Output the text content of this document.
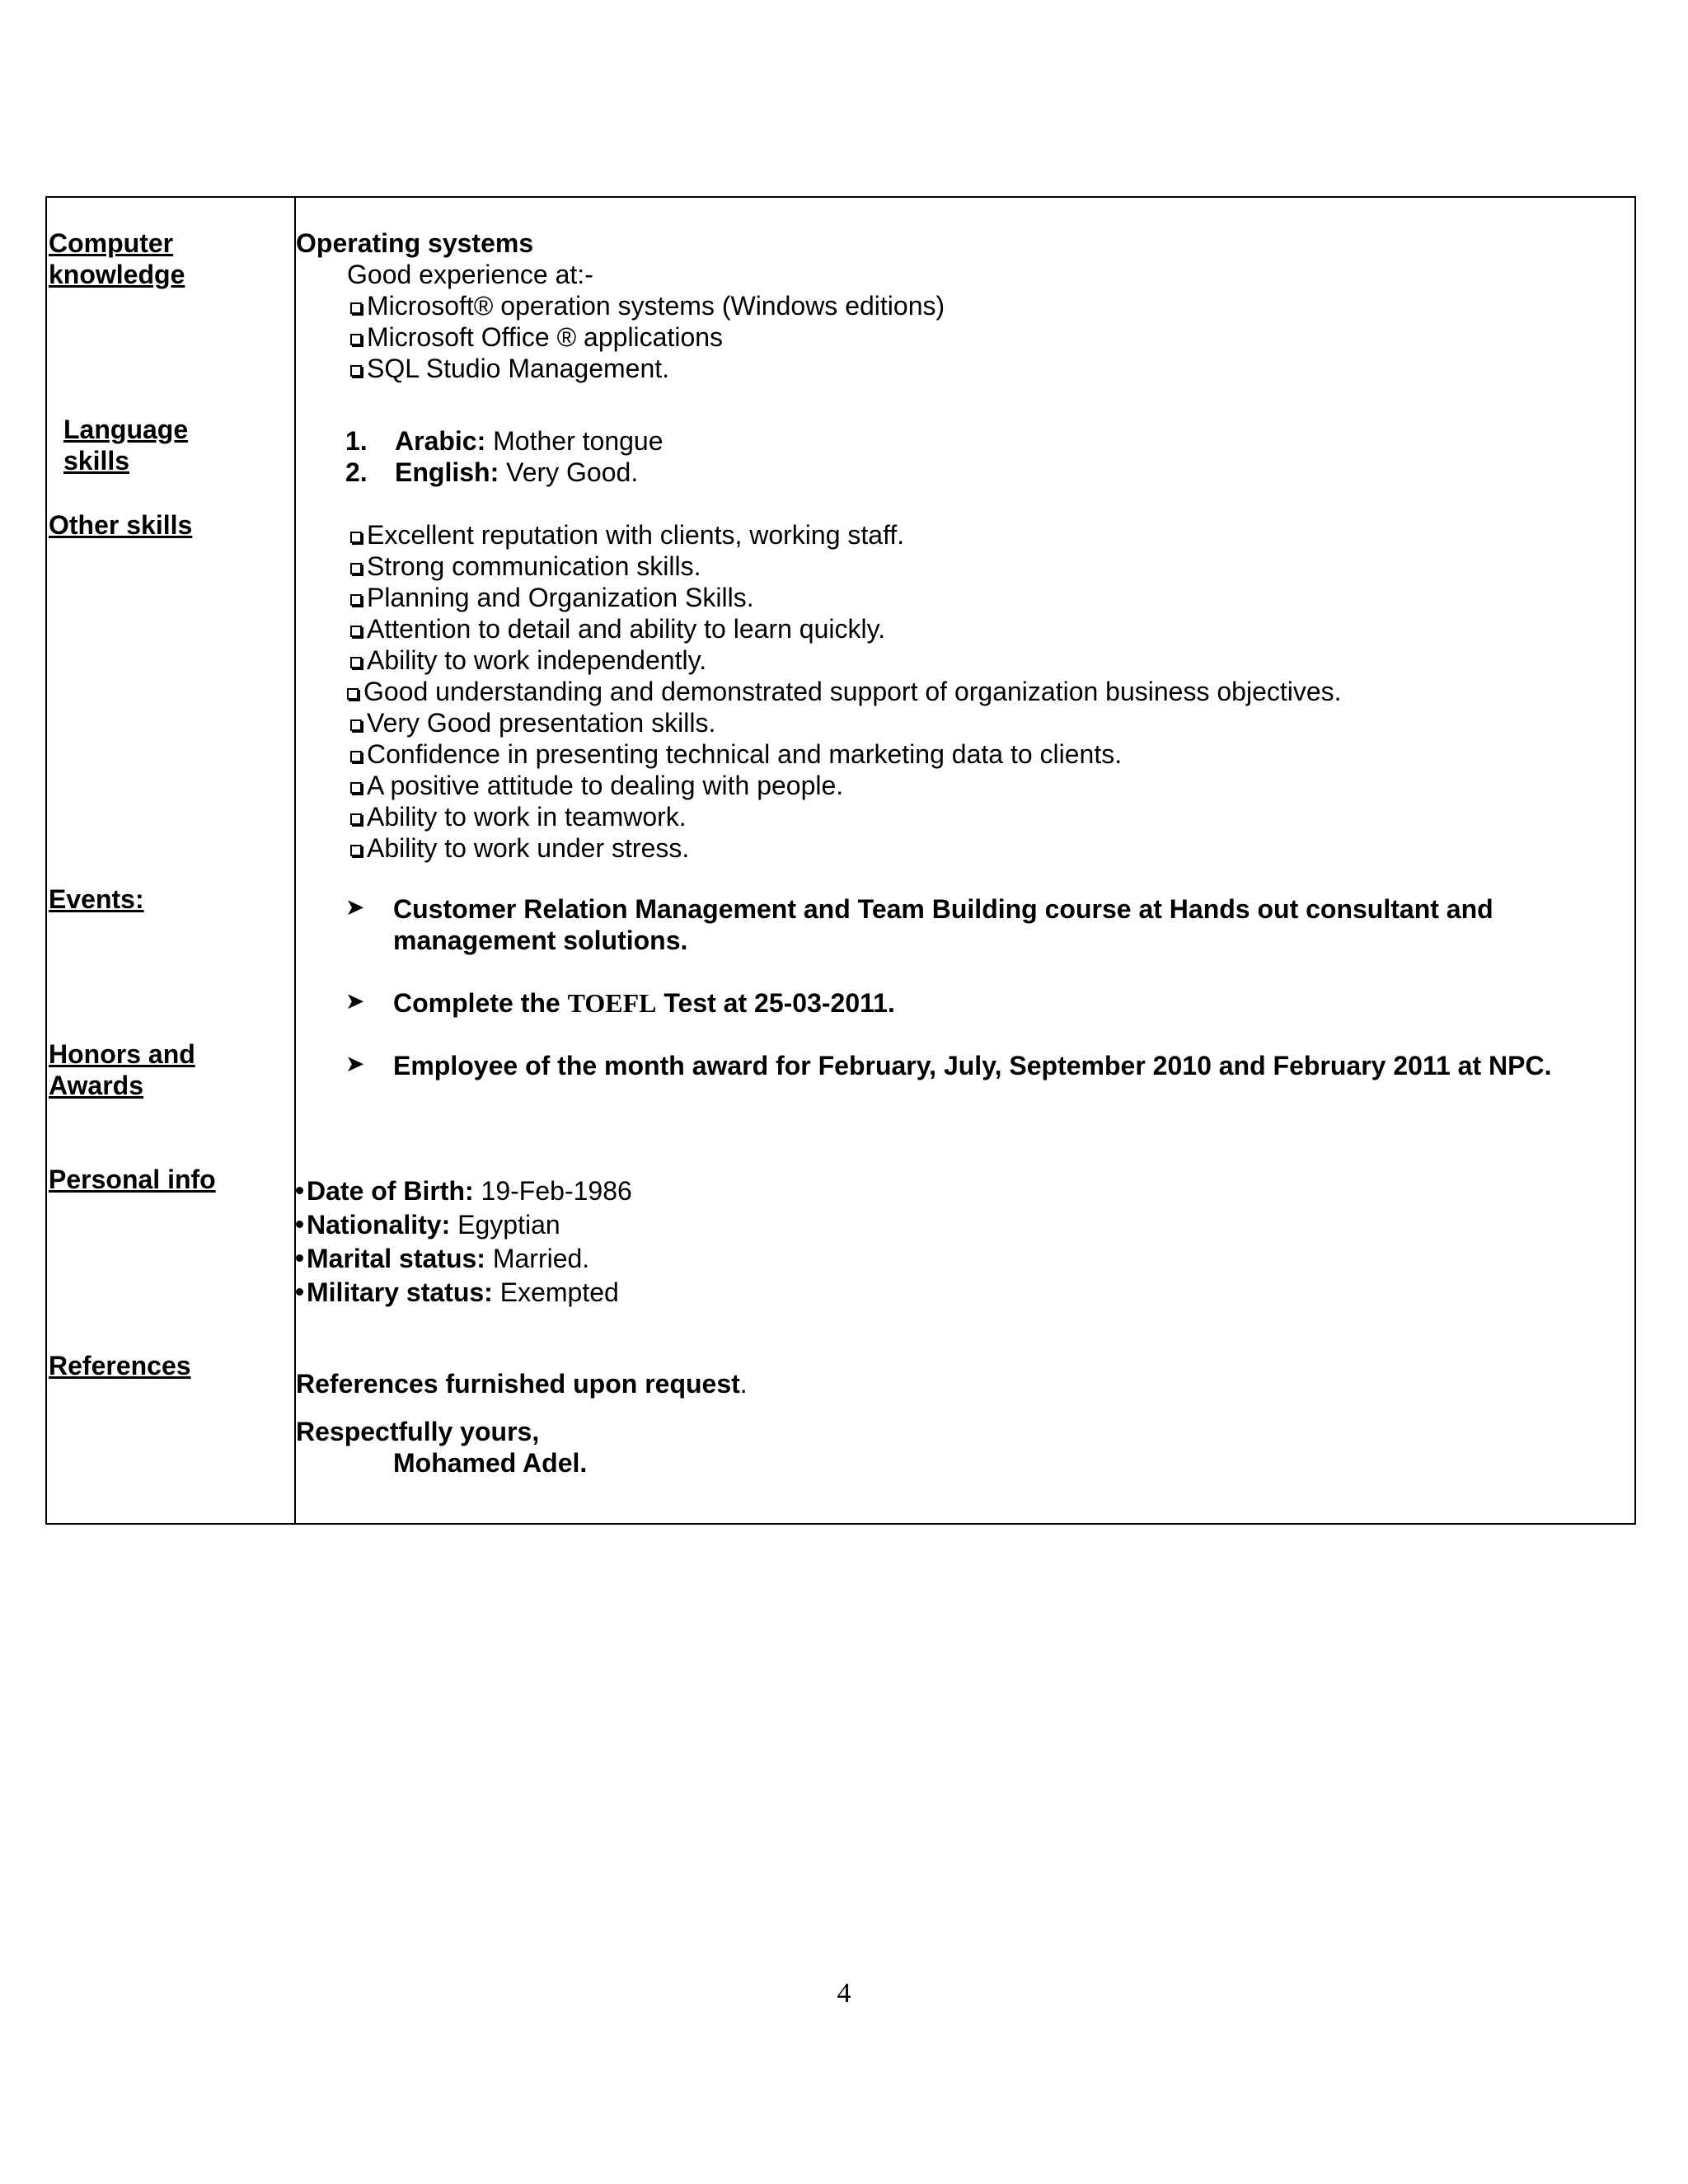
Computer
knowledge
Language
skills
Other skills
Events:
Honors and
Awards
Personal info
References
Operating systems
Good experience at:-
Microsoft® operation systems (Windows editions)
Microsoft Office ® applications
SQL Studio Management.
1. Arabic: Mother tongue
2. English: Very Good.
Excellent reputation with clients, working staff.
Strong communication skills.
Planning and Organization Skills.
Attention to detail and ability to learn quickly.
Ability to work independently.
Good understanding and demonstrated support of organization business objectives.
Very Good presentation skills.
Confidence in presenting technical and marketing data to clients.
A positive attitude to dealing with people.
Ability to work in teamwork.
Ability to work under stress.
➤ Customer Relation Management and Team Building course at Hands out consultant and
management solutions.
➤ Complete the TOEFL Test at 25-03-2011.
➤ Employee of the month award for February, July, September 2010 and February 2011 at NPC.
Date of Birth: 19-Feb-1986
Nationality: Egyptian
Marital status: Married.
Military status: Exempted
References furnished upon request.
Respectfully yours,
Mohamed Adel.
4
